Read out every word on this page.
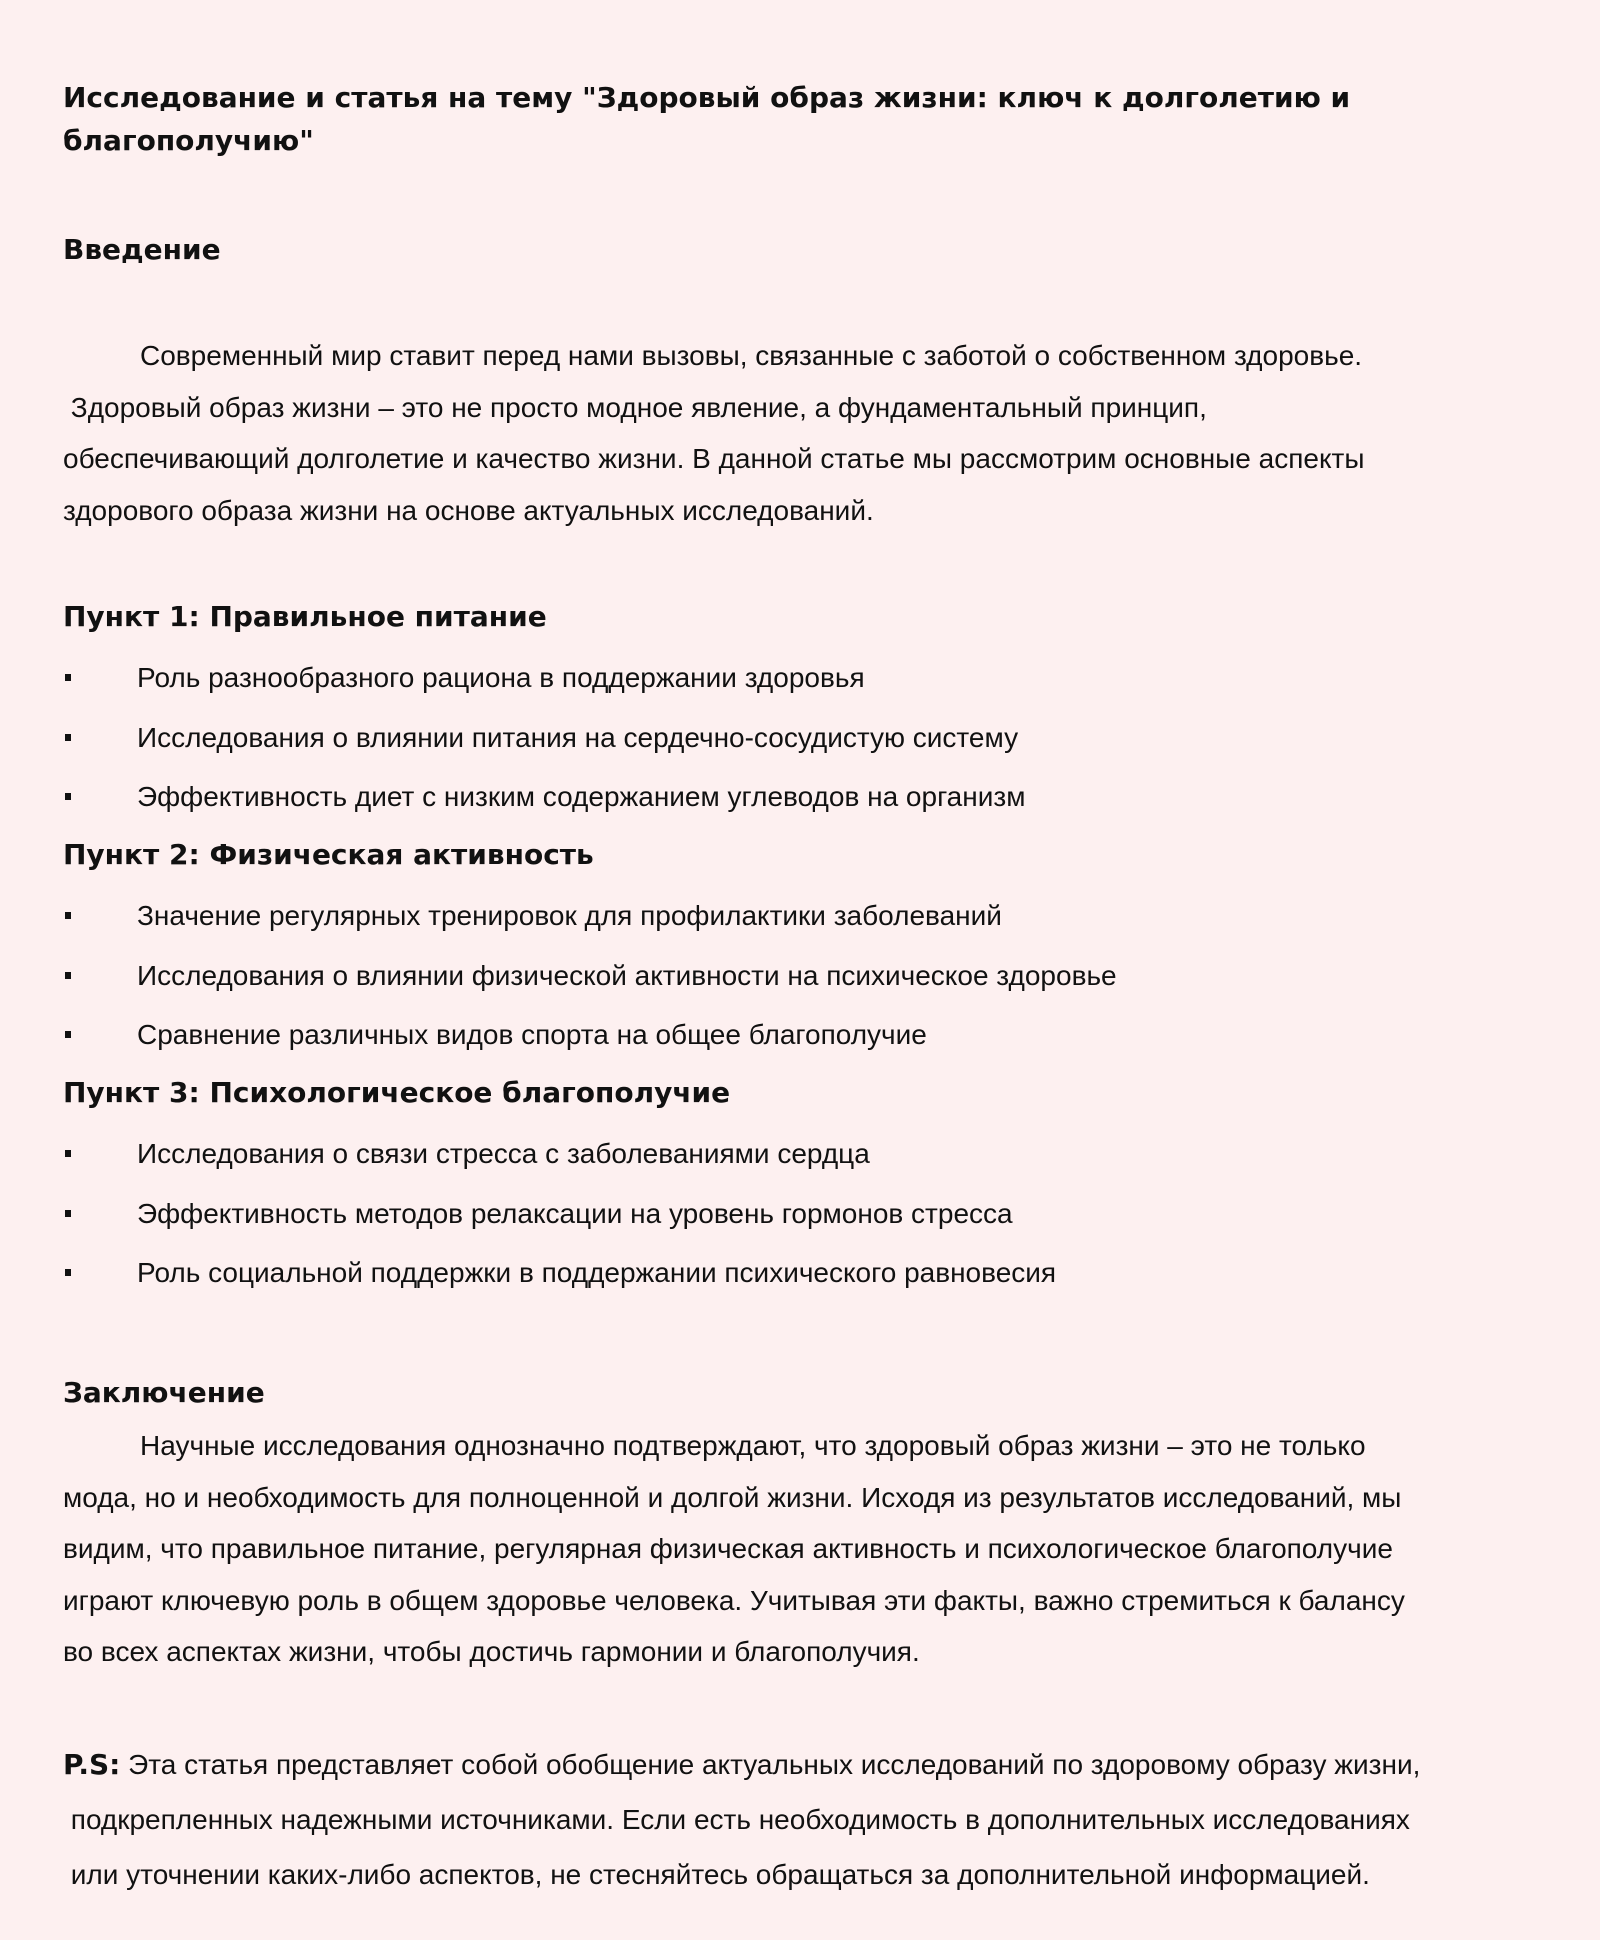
Исследование и статья на тему "Здоровый образ жизни: ключ к долголетию и благополучию"
Введение
Современный мир ставит перед нами вызовы, связанные с заботой о собственном здоровье.
Здоровый образ жизни – это не просто модное явление, а фундаментальный принцип,
обеспечивающий долголетие и качество жизни. В данной статье мы рассмотрим основные аспекты
здорового образа жизни на основе актуальных исследований.
Пункт 1: Правильное питание
Роль разнообразного рациона в поддержании здоровья
Исследования о влиянии питания на сердечно-сосудистую систему
Эффективность диет с низким содержанием углеводов на организм
Пункт 2: Физическая активность
Значение регулярных тренировок для профилактики заболеваний
Исследования о влиянии физической активности на психическое здоровье
Сравнение различных видов спорта на общее благополучие
Пункт 3: Психологическое благополучие
Исследования о связи стресса с заболеваниями сердца
Эффективность методов релаксации на уровень гормонов стресса
Роль социальной поддержки в поддержании психического равновесия
Заключение
Научные исследования однозначно подтверждают, что здоровый образ жизни – это не только
мода, но и необходимость для полноценной и долгой жизни. Исходя из результатов исследований, мы
видим, что правильное питание, регулярная физическая активность и психологическое благополучие
играют ключевую роль в общем здоровье человека. Учитывая эти факты, важно стремиться к балансу
во всех аспектах жизни, чтобы достичь гармонии и благополучия.
P.S: Эта статья представляет собой обобщение актуальных исследований по здоровому образу жизни,
подкрепленных надежными источниками. Если есть необходимость в дополнительных исследованиях
или уточнении каких-либо аспектов, не стесняйтесь обращаться за дополнительной информацией.
